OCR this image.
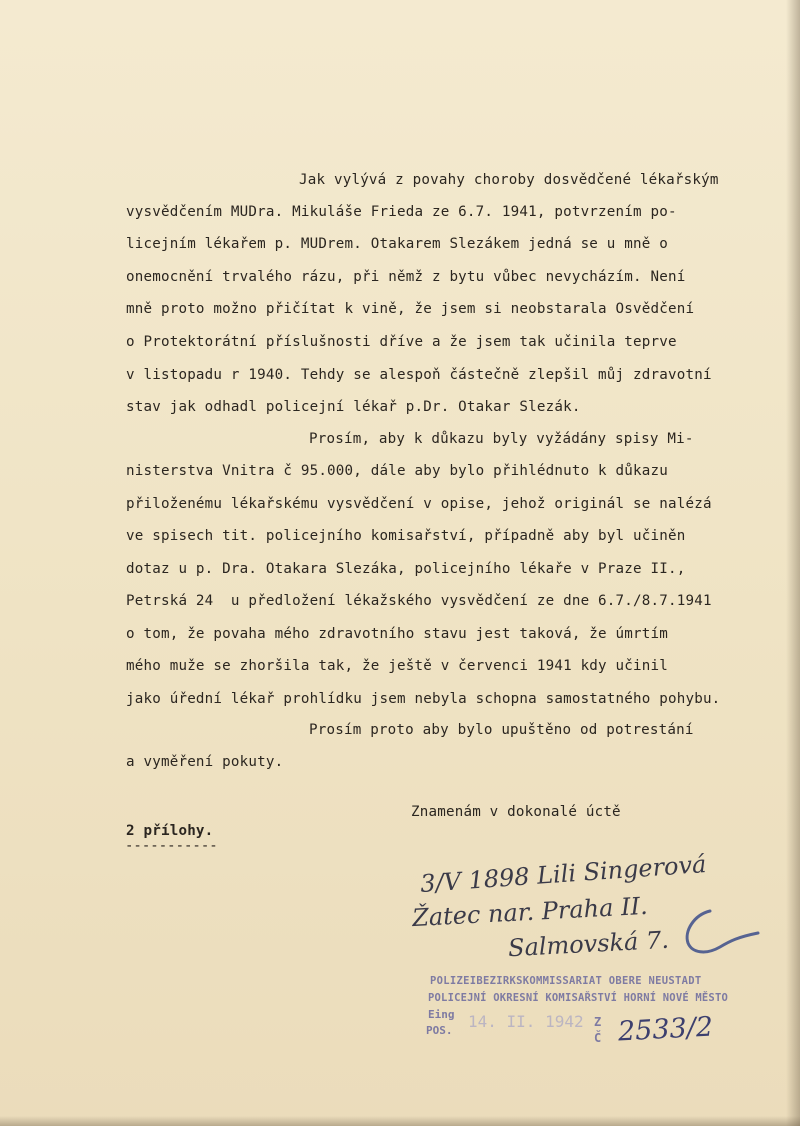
Jak vylývá z povahy choroby dosvědčené lékařským
vysvědčením MUDra. Mikuláše Frieda ze 6.7. 1941, potvrzením po-
licejním lékařem p. MUDrem. Otakarem Slezákem jedná se u mně o
onemocnění trvalého rázu, při němž z bytu vůbec nevycházím. Není
mně proto možno přičítat k vině, že jsem si neobstarala Osvědčení
o Protektorátní příslušnosti dříve a že jsem tak učinila teprve
v listopadu r 1940. Tehdy se alespoň částečně zlepšil můj zdravotní
stav jak odhadl policejní lékař p.Dr. Otakar Slezák.
Prosím, aby k důkazu byly vyžádány spisy Mi-
nisterstva Vnitra č 95.000, dále aby bylo přihlédnuto k důkazu
přiloženému lékařskému vysvědčení v opise, jehož originál se nalézá
ve spisech tit. policejního komisařství, případně aby byl učiněn
dotaz u p. Dra. Otakara Slezáka, policejního lékaře v Praze II.,
Petrská 24  u předložení lékažského vysvědčení ze dne 6.7./8.7.1941
o tom, že povaha mého zdravotního stavu jest taková, že úmrtím
mého muže se zhoršila tak, že ještě v červenci 1941 kdy učinil
jako úřední lékař prohlídku jsem nebyla schopna samostatného pohybu.
Prosím proto aby bylo upuštěno od potrestání
a vyměření pokuty.
Znamenám v dokonalé úctě
2 přílohy.
-----------
3/V 1898 Lili Singerová
Žatec nar. Praha II.
Salmovská 7.
POLIZEIBEZIRKSKOMMISSARIAT OBERE NEUSTADT
POLICEJNÍ OKRESNÍ KOMISAŘSTVÍ HORNÍ NOVÉ MĚSTO
Eing
POS. 14. II. 1942 Z
Č 2533/2
